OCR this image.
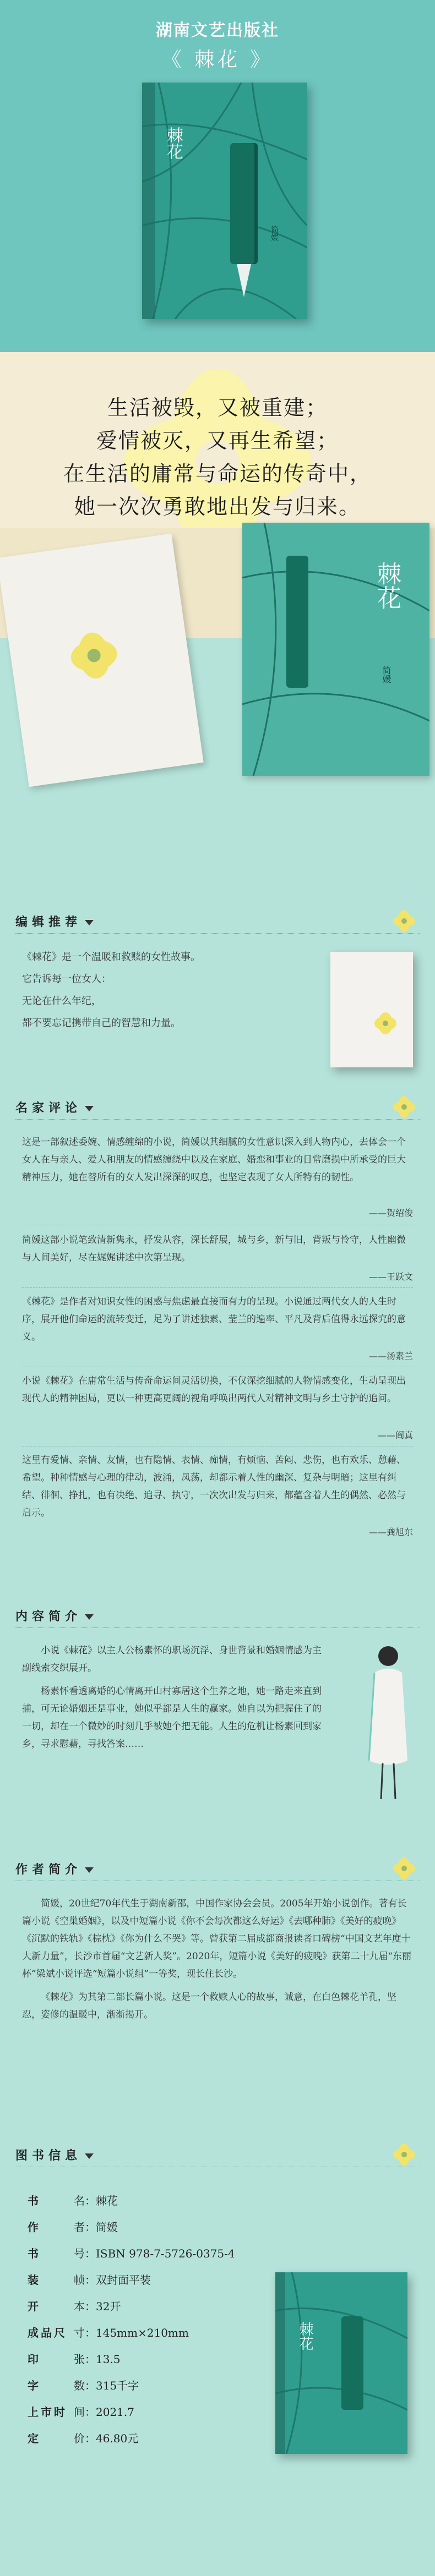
湖南文艺出版社
《 棘花 》
棘花
简媛
生活被毁，又被重建；
爱情被灭，又再生希望；
在生活的庸常与命运的传奇中，
她一次次勇敢地出发与归来。
棘花
简媛
编辑推荐
《棘花》是一个温暖和救赎的女性故事。
它告诉每一位女人：
无论在什么年纪，
都不要忘记携带自己的智慧和力量。
名家评论
这是一部叙述委婉、情感缠绵的小说，简媛以其细腻的女性意识深入到人物内心，去体会一个女人在与亲人、爱人和朋友的情感缠绕中以及在家庭、婚恋和事业的日常磨损中所承受的巨大精神压力，她在替所有的女人发出深深的叹息，也坚定表现了女人所特有的韧性。
——贺绍俊
简媛这部小说笔致清新隽永，抒发从容，深长舒展，城与乡，新与旧，背叛与怜守，人性幽微与人间美好，尽在娓娓讲述中次第呈现。
——王跃文
《棘花》是作者对知识女性的困惑与焦虑最直接而有力的呈现。小说通过两代女人的人生时序，展开他们命运的流转变迁，足为了讲述独素、莹兰的遍率、平凡及背后值得永远探究的意义。
——汤素兰
小说《棘花》在庸常生活与传奇命运间灵活切换，不仅深挖细腻的人物情感变化，生动呈现出现代人的精神困局，更以一种更高更阔的视角呼唤出两代人对精神文明与乡土守护的追问。
——阎真
这里有爱情、亲情、友情，也有隐情、表情、痴情，有烦恼、苦闷、悲伤，也有欢乐、憩藉、希望。种种情感与心理的律动，波涌，凤荡，却都示着人性的幽深、复杂与明暗；这里有纠结、徘徊、挣扎，也有决绝、追寻、执守，一次次出发与归来，都蕴含着人生的偶然、必然与启示。
——龚旭东
内容简介

小说《棘花》以主人公杨素怀的职场沉浮、身世背景和婚姻情感为主副线索交织展开。

杨素怀看透离婚的心情离开山村寡居这个生养之地，她一路走来直到捕，可无论婚姻还是事业，她似乎都是人生的赢家。她自以为把握住了的一切，却在一个微妙的时刻几乎被她个把无能。人生的危机让杨素回到家乡，寻求慰藉，寻找答案……

作者简介

简媛，20世纪70年代生于湖南新邵，中国作家协会会员。2005年开始小说创作。著有长篇小说《空巢婚姻》，以及中短篇小说《你不会每次都这么好运》《去哪种肺》《美好的疲晚》《沉默的铁轨》《棕枕》《你为什么不哭》等。曾获第二届成都商报读者口碑榜“中国文艺年度十大新力量”，长沙市首届“文艺新人奖”。2020年，短篇小说《美好的疲晚》获第二十九届“东丽杯”梁斌小说评选“短篇小说组”一等奖，现长住长沙。

《棘花》为其第二部长篇小说。这是一个救赎人心的故事，诚意，在白色棘花羊孔，坚忍，姿修的温暖中，渐渐揭开。

图书信息
书	名：棘花
作	者：简媛
书	号：ISBN 978-7-5726-0375-4
装	帧：双封面平装
开	本：32开
成品尺 寸：145mm×210mm
印	张：13.5
字	数：315千字
上市时 间：2021.7
定	价：46.80元
棘花
